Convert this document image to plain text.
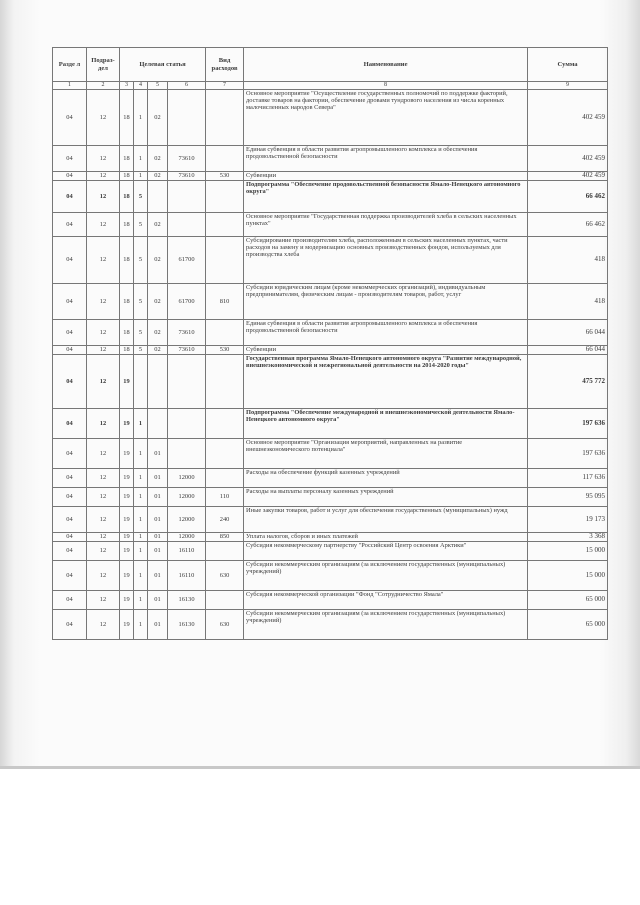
Разде л	Подраз- дел	Целевая статья				Вид расходов	Наименование	Сумма
1	2	3	4	5	6	7	8	9
04	12	18	1	02			Основное мероприятие "Осуществление государственных полномочий по поддержке факторий, доставке товаров на фактории, обеспечение дровами тундрового населения из числа коренных малочисленных народов Севера"	402 459
04	12	18	1	02	73610		Единая субвенция в области развития агропромышленного комплекса и обеспечения продовольственной безопасности	402 459
04	12	18	1	02	73610	530	Субвенции	402 459
04	12	18	5				Подпрограмма "Обеспечение продовольственной безопасности Ямало-Ненецкого автономного округа"	66 462
04	12	18	5	02			Основное мероприятие "Государственная поддержка производителей хлеба в сельских населенных пунктах"	66 462
04	12	18	5	02	61700		Субсидирование производителям хлеба, расположенным в сельских населенных пунктах, части расходов на замену и модернизацию основных производственных фондов, используемых для производства хлеба	418
04	12	18	5	02	61700	810	Субсидии юридическим лицам (кроме некоммерческих организаций), индивидуальным предпринимателям, физическим лицам - производителям товаров, работ, услуг	418
04	12	18	5	02	73610		Единая субвенция в области развития агропромышленного комплекса и обеспечения продовольственной безопасности	66 044
04	12	18	5	02	73610	530	Субвенции	66 044
04	12	19					Государственная программа Ямало-Ненецкого автономного округа "Развитие международной, внешнеэкономической и межрегиональной деятельности на 2014-2020 годы"	475 772
04	12	19	1				Подпрограмма "Обеспечение международной и внешнеэкономической деятельности Ямало-Ненецкого автономного округа"	197 636
04	12	19	1	01			Основное мероприятие "Организация мероприятий, направленных на развитие внешнеэкономического потенциала"	197 636
04	12	19	1	01	12000		Расходы на обеспечение функций казенных учреждений	117 636
04	12	19	1	01	12000	110	Расходы на выплаты персоналу казенных учреждений	95 095
04	12	19	1	01	12000	240	Иные закупки товаров, работ и услуг для обеспечения государственных (муниципальных) нужд	19 173
04	12	19	1	01	12000	850	Уплата налогов, сборов и иных платежей	3 368
04	12	19	1	01	16110		Субсидия некоммерческому партнерству "Российский Центр освоения Арктики"	15 000
04	12	19	1	01	16110	630	Субсидии некоммерческим организациям (за исключением государственных (муниципальных) учреждений)	15 000
04	12	19	1	01	16130		Субсидия некоммерческой организации "Фонд "Сотрудничество Ямала"	65 000
04	12	19	1	01	16130	630	Субсидии некоммерческим организациям (за исключением государственных (муниципальных) учреждений)	65 000
